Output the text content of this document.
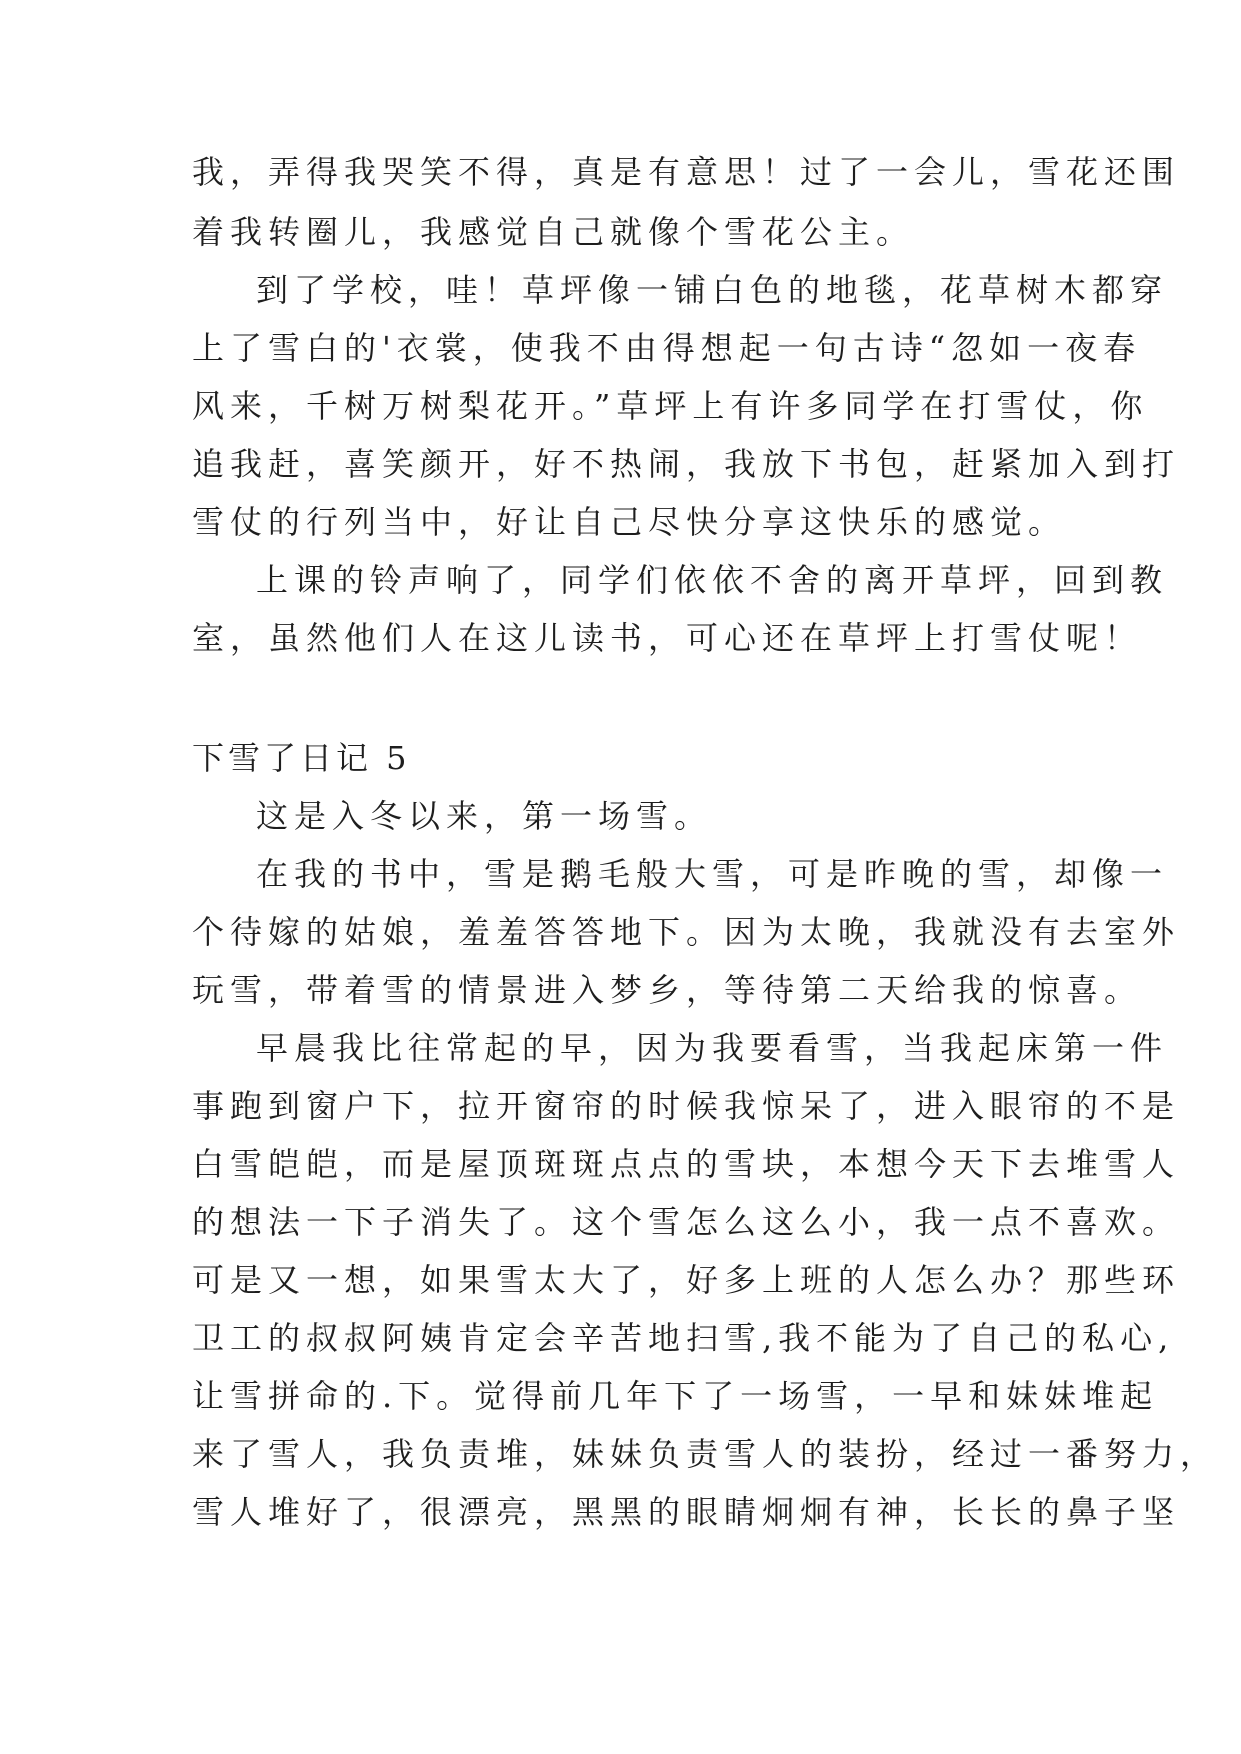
我，弄得我哭笑不得，真是有意思！过了一会儿，雪花还围
着我转圈儿，我感觉自己就像个雪花公主。
到了学校，哇！草坪像一铺白色的地毯，花草树木都穿
上了雪白的'衣裳，使我不由得想起一句古诗“忽如一夜春
风来，千树万树梨花开。”草坪上有许多同学在打雪仗，你
追我赶，喜笑颜开，好不热闹，我放下书包，赶紧加入到打
雪仗的行列当中，好让自己尽快分享这快乐的感觉。
上课的铃声响了，同学们依依不舍的离开草坪，回到教
室，虽然他们人在这儿读书，可心还在草坪上打雪仗呢！
下雪了日记 5
这是入冬以来，第一场雪。
在我的书中，雪是鹅毛般大雪，可是昨晚的雪，却像一
个待嫁的姑娘，羞羞答答地下。因为太晚，我就没有去室外
玩雪，带着雪的情景进入梦乡，等待第二天给我的惊喜。
早晨我比往常起的早，因为我要看雪，当我起床第一件
事跑到窗户下，拉开窗帘的时候我惊呆了，进入眼帘的不是
白雪皑皑，而是屋顶斑斑点点的雪块，本想今天下去堆雪人
的想法一下子消失了。这个雪怎么这么小，我一点不喜欢。
可是又一想，如果雪太大了，好多上班的人怎么办？那些环
卫工的叔叔阿姨肯定会辛苦地扫雪,我不能为了自己的私心,
让雪拼命的.下。觉得前几年下了一场雪，一早和妹妹堆起
来了雪人，我负责堆，妹妹负责雪人的装扮，经过一番努力，
雪人堆好了，很漂亮，黑黑的眼睛炯炯有神，长长的鼻子坚
